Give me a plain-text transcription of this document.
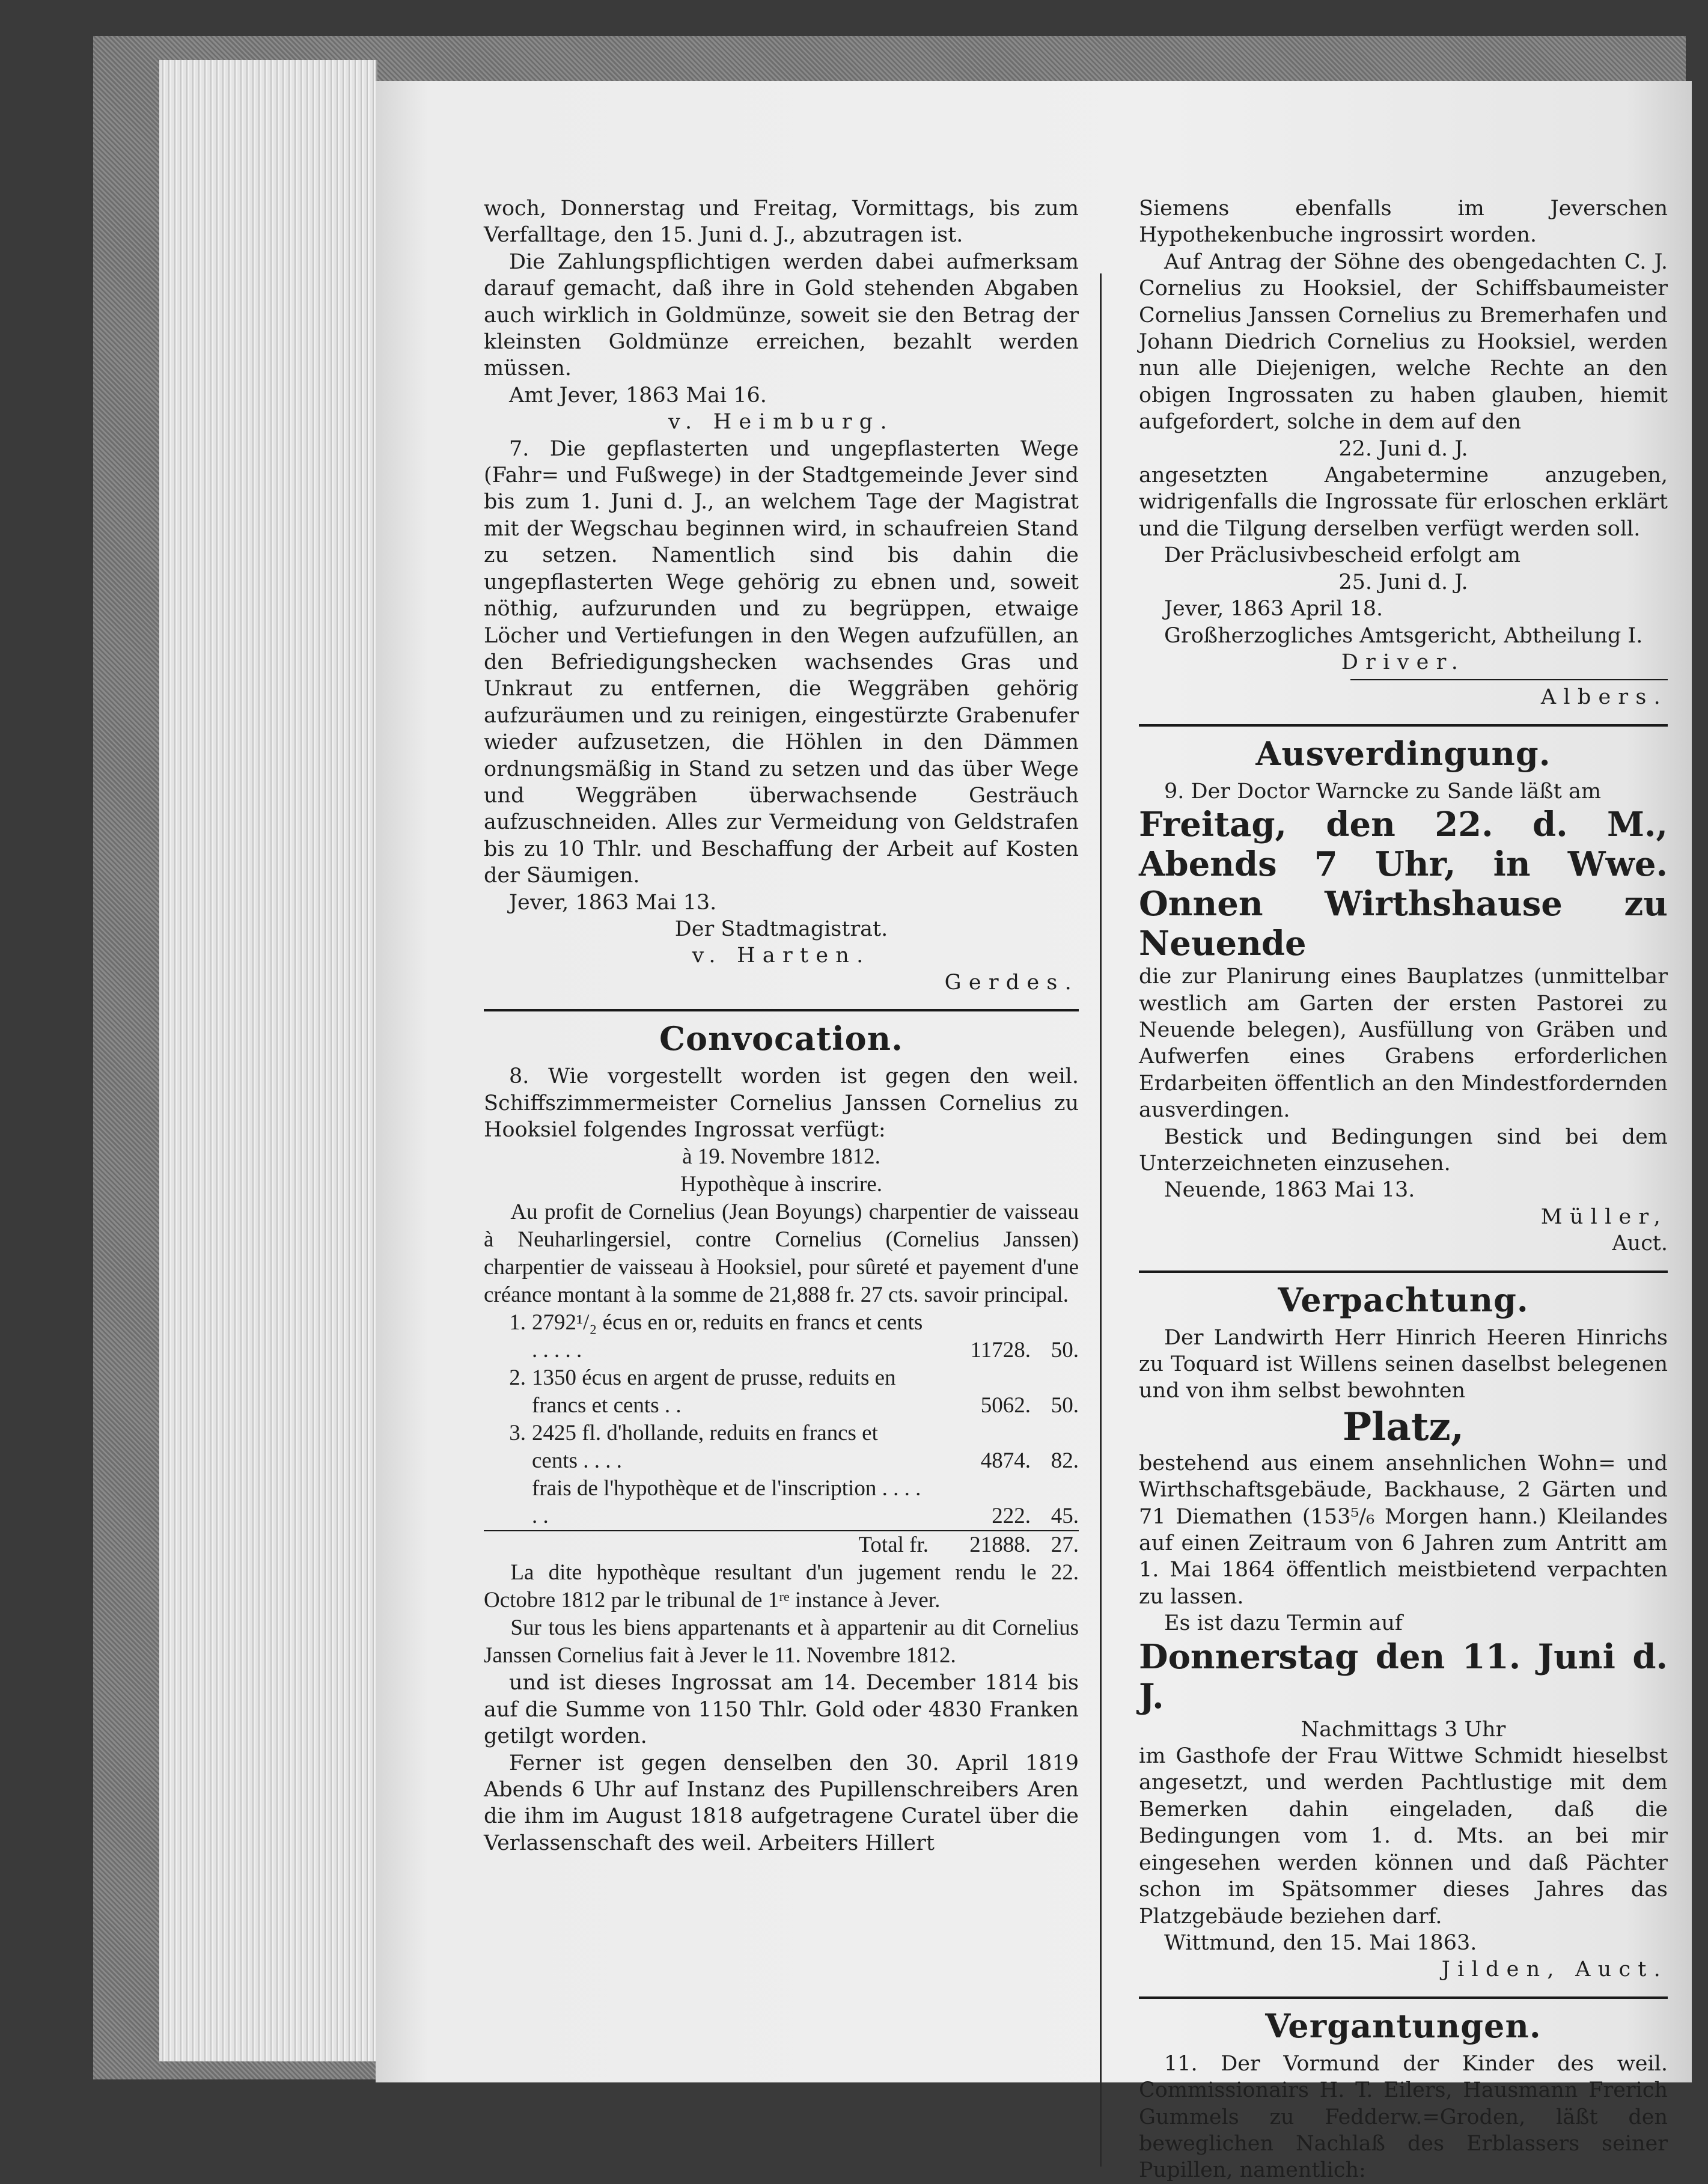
woch, Donnerstag und Freitag, Vormittags, bis zum Verfalltage, den 15. Juni d. J., abzutragen ist.

Die Zahlungspflichtigen werden dabei aufmerksam darauf gemacht, daß ihre in Gold stehenden Abgaben auch wirklich in Goldmünze, soweit sie den Betrag der kleinsten Goldmünze erreichen, bezahlt werden müssen.

Amt Jever, 1863 Mai 16.

v. Heimburg.

7. Die gepflasterten und ungepflasterten Wege (Fahr= und Fußwege) in der Stadtgemeinde Jever sind bis zum 1. Juni d. J., an welchem Tage der Magistrat mit der Wegschau beginnen wird, in schaufreien Stand zu setzen. Namentlich sind bis dahin die ungepflasterten Wege gehörig zu ebnen und, soweit nöthig, aufzurunden und zu begrüppen, etwaige Löcher und Vertiefungen in den Wegen aufzufüllen, an den Befriedigungshecken wachsendes Gras und Unkraut zu entfernen, die Weggräben gehörig aufzuräumen und zu reinigen, eingestürzte Grabenufer wieder aufzusetzen, die Höhlen in den Dämmen ordnungsmäßig in Stand zu setzen und das über Wege und Weggräben überwachsende Gesträuch aufzuschneiden. Alles zur Vermeidung von Geldstrafen bis zu 10 Thlr. und Beschaffung der Arbeit auf Kosten der Säumigen.

Jever, 1863 Mai 13.

Der Stadtmagistrat.

v. Harten.

Gerdes.

Convocation.

8. Wie vorgestellt worden ist gegen den weil. Schiffszimmermeister Cornelius Janssen Cornelius zu Hooksiel folgendes Ingrossat verfügt:

à 19. Novembre 1812.

Hypothèque à inscrire.

Au profit de Cornelius (Jean Boyungs) charpentier de vaisseau à Neuharlingersiel, contre Cornelius (Cornelius Janssen) charpentier de vaisseau à Hooksiel, pour sûreté et payement d'une créance montant à la somme de 21,888 fr. 27 cts. savoir principal.

1.	2792¹/₂ écus en or, reduits en francs et cents . . . . .	11728.	50.
2.	1350 écus en argent de prusse, reduits en francs et cents . .	5062.	50.
3.	2425 fl. d'hollande, reduits en francs et cents . . . .	4874.	82.
	frais de l'hypothèque et de l'inscription . . . . . .	222.	45.
	Total fr.	21888.	27.

La dite hypothèque resultant d'un jugement rendu le 22. Octobre 1812 par le tribunal de 1ʳᵉ instance à Jever.

Sur tous les biens appartenants et à appartenir au dit Cornelius Janssen Cornelius fait à Jever le 11. Novembre 1812.

und ist dieses Ingrossat am 14. December 1814 bis auf die Summe von 1150 Thlr. Gold oder 4830 Franken getilgt worden.

Ferner ist gegen denselben den 30. April 1819 Abends 6 Uhr auf Instanz des Pupillenschreibers Aren die ihm im August 1818 aufgetragene Curatel über die Verlassenschaft des weil. Arbeiters Hillert

Siemens ebenfalls im Jeverschen Hypothekenbuche ingrossirt worden.

Auf Antrag der Söhne des obengedachten C. J. Cornelius zu Hooksiel, der Schiffsbaumeister Cornelius Janssen Cornelius zu Bremerhafen und Johann Diedrich Cornelius zu Hooksiel, werden nun alle Diejenigen, welche Rechte an den obigen Ingrossaten zu haben glauben, hiemit aufgefordert, solche in dem auf den

22. Juni d. J.

angesetzten Angabetermine anzugeben, widrigenfalls die Ingrossate für erloschen erklärt und die Tilgung derselben verfügt werden soll.

Der Präclusivbescheid erfolgt am

25. Juni d. J.

Jever, 1863 April 18.

Großherzogliches Amtsgericht, Abtheilung I.

Driver.

Albers.

Ausverdingung.

9. Der Doctor Warncke zu Sande läßt am

Freitag, den 22. d. M., Abends 7 Uhr, in Wwe. Onnen Wirthshause zu Neuende

die zur Planirung eines Bauplatzes (unmittelbar westlich am Garten der ersten Pastorei zu Neuende belegen), Ausfüllung von Gräben und Aufwerfen eines Grabens erforderlichen Erdarbeiten öffentlich an den Mindestfordernden ausverdingen.

Bestick und Bedingungen sind bei dem Unterzeichneten einzusehen.

Neuende, 1863 Mai 13.

Müller,

Auct.

Verpachtung.

Der Landwirth Herr Hinrich Heeren Hinrichs zu Toquard ist Willens seinen daselbst belegenen und von ihm selbst bewohnten

Platz,

bestehend aus einem ansehnlichen Wohn= und Wirthschaftsgebäude, Backhause, 2 Gärten und 71 Diemathen (153⁵/₆ Morgen hann.) Kleilandes auf einen Zeitraum von 6 Jahren zum Antritt am 1. Mai 1864 öffentlich meistbietend verpachten zu lassen.

Es ist dazu Termin auf

Donnerstag den 11. Juni d. J.

Nachmittags 3 Uhr

im Gasthofe der Frau Wittwe Schmidt hieselbst angesetzt, und werden Pachtlustige mit dem Bemerken dahin eingeladen, daß die Bedingungen vom 1. d. Mts. an bei mir eingesehen werden können und daß Pächter schon im Spätsommer dieses Jahres das Platzgebäude beziehen darf.

Wittmund, den 15. Mai 1863.

Jilden, Auct.

Vergantungen.

11. Der Vormund der Kinder des weil. Commissionairs H. T. Eilers, Hausmann Frerich Gummels zu Fedderw.=Groden, läßt den beweglichen Nachlaß des Erblassers seiner Pupillen, namentlich:
